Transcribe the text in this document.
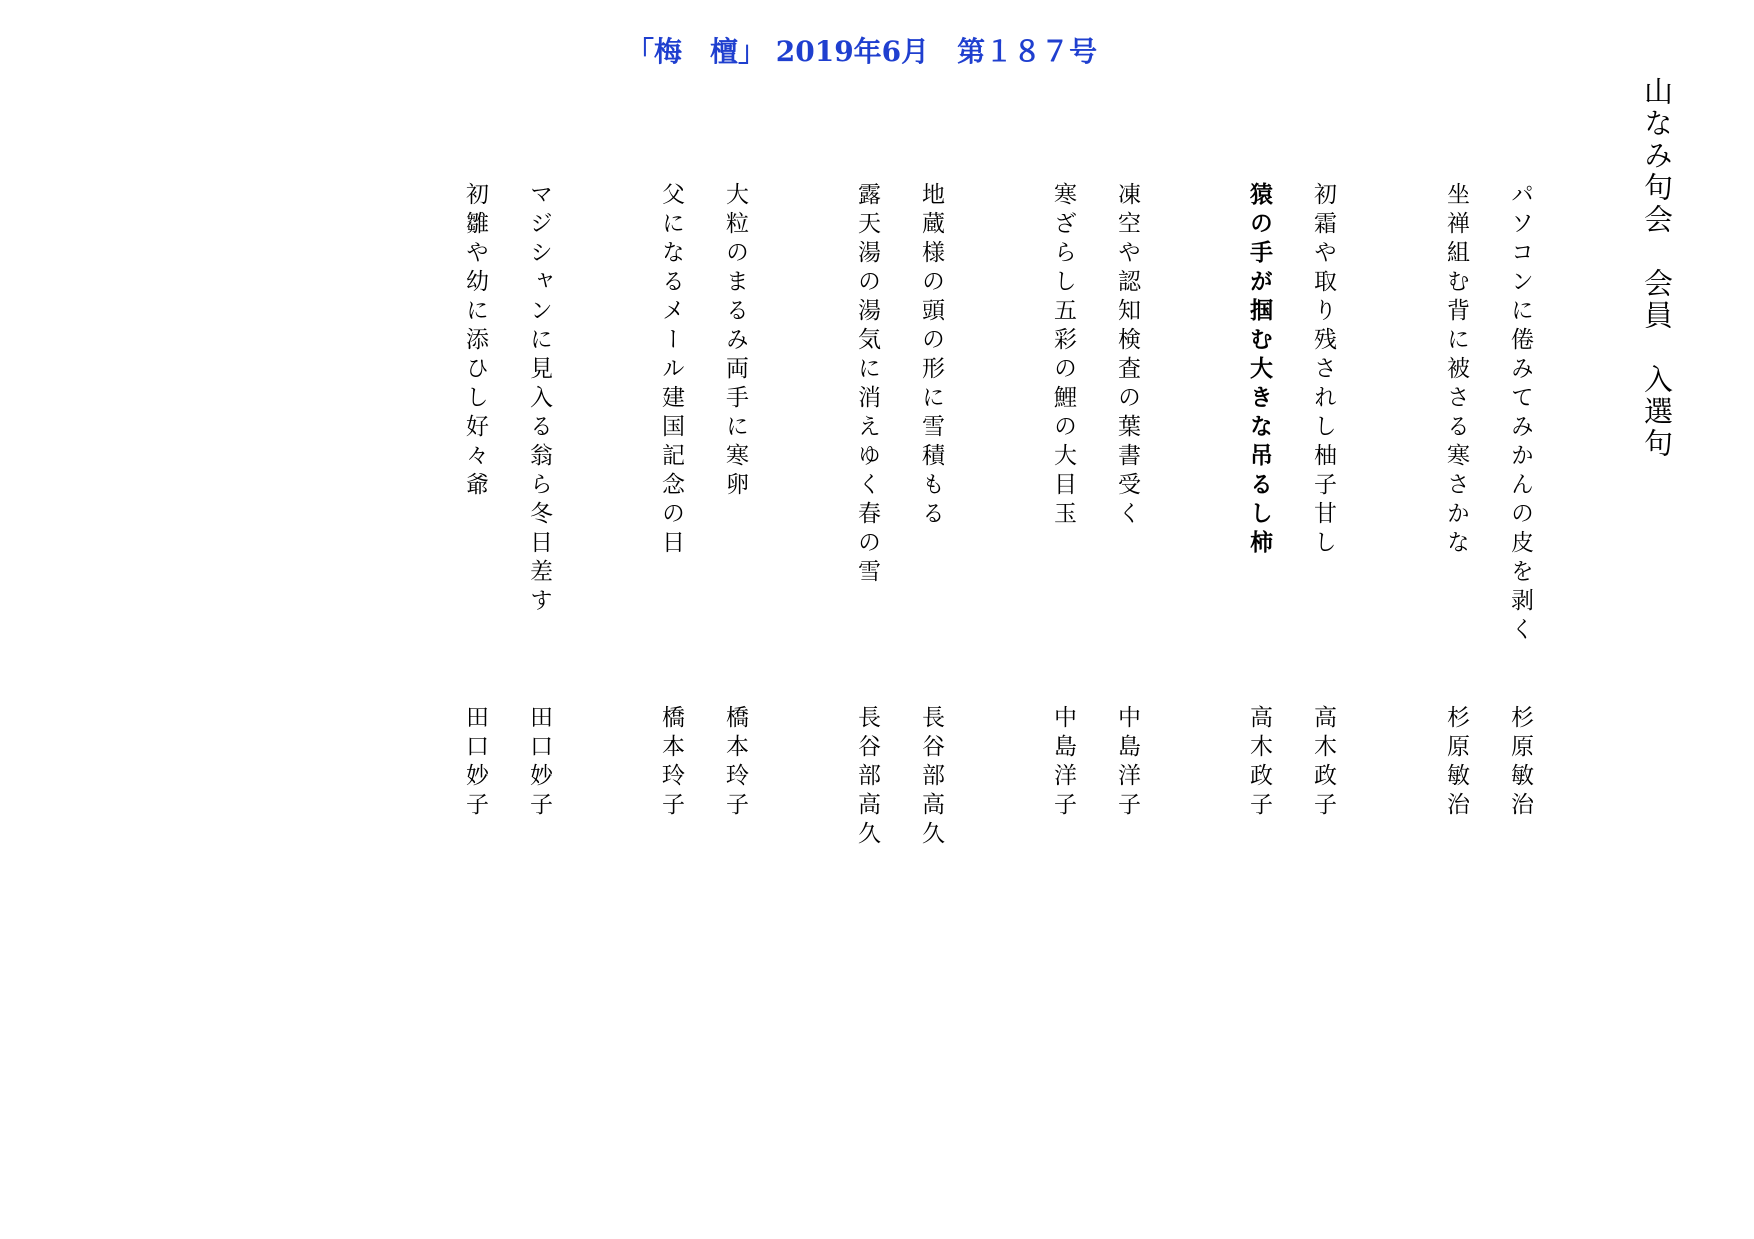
「梅　檀」 2019年6月　第１８７号
山なみ句会　会員　入選句
パソコンに倦みてみかんの皮を剥く
杉原敏治
坐禅組む背に被さる寒さかな
杉原敏治
初霜や取り残されし柚子甘し
高木政子
猿の手が掴む大きな吊るし柿
高木政子
凍空や認知検査の葉書受く
中島洋子
寒ざらし五彩の鯉の大目玉
中島洋子
地蔵様の頭の形に雪積もる
長谷部高久
露天湯の湯気に消えゆく春の雪
長谷部高久
大粒のまるみ両手に寒卵
橋本玲子
父になるメール建国記念の日
橋本玲子
マジシャンに見入る翁ら冬日差す
田口妙子
初雛や幼に添ひし好々爺
田口妙子
